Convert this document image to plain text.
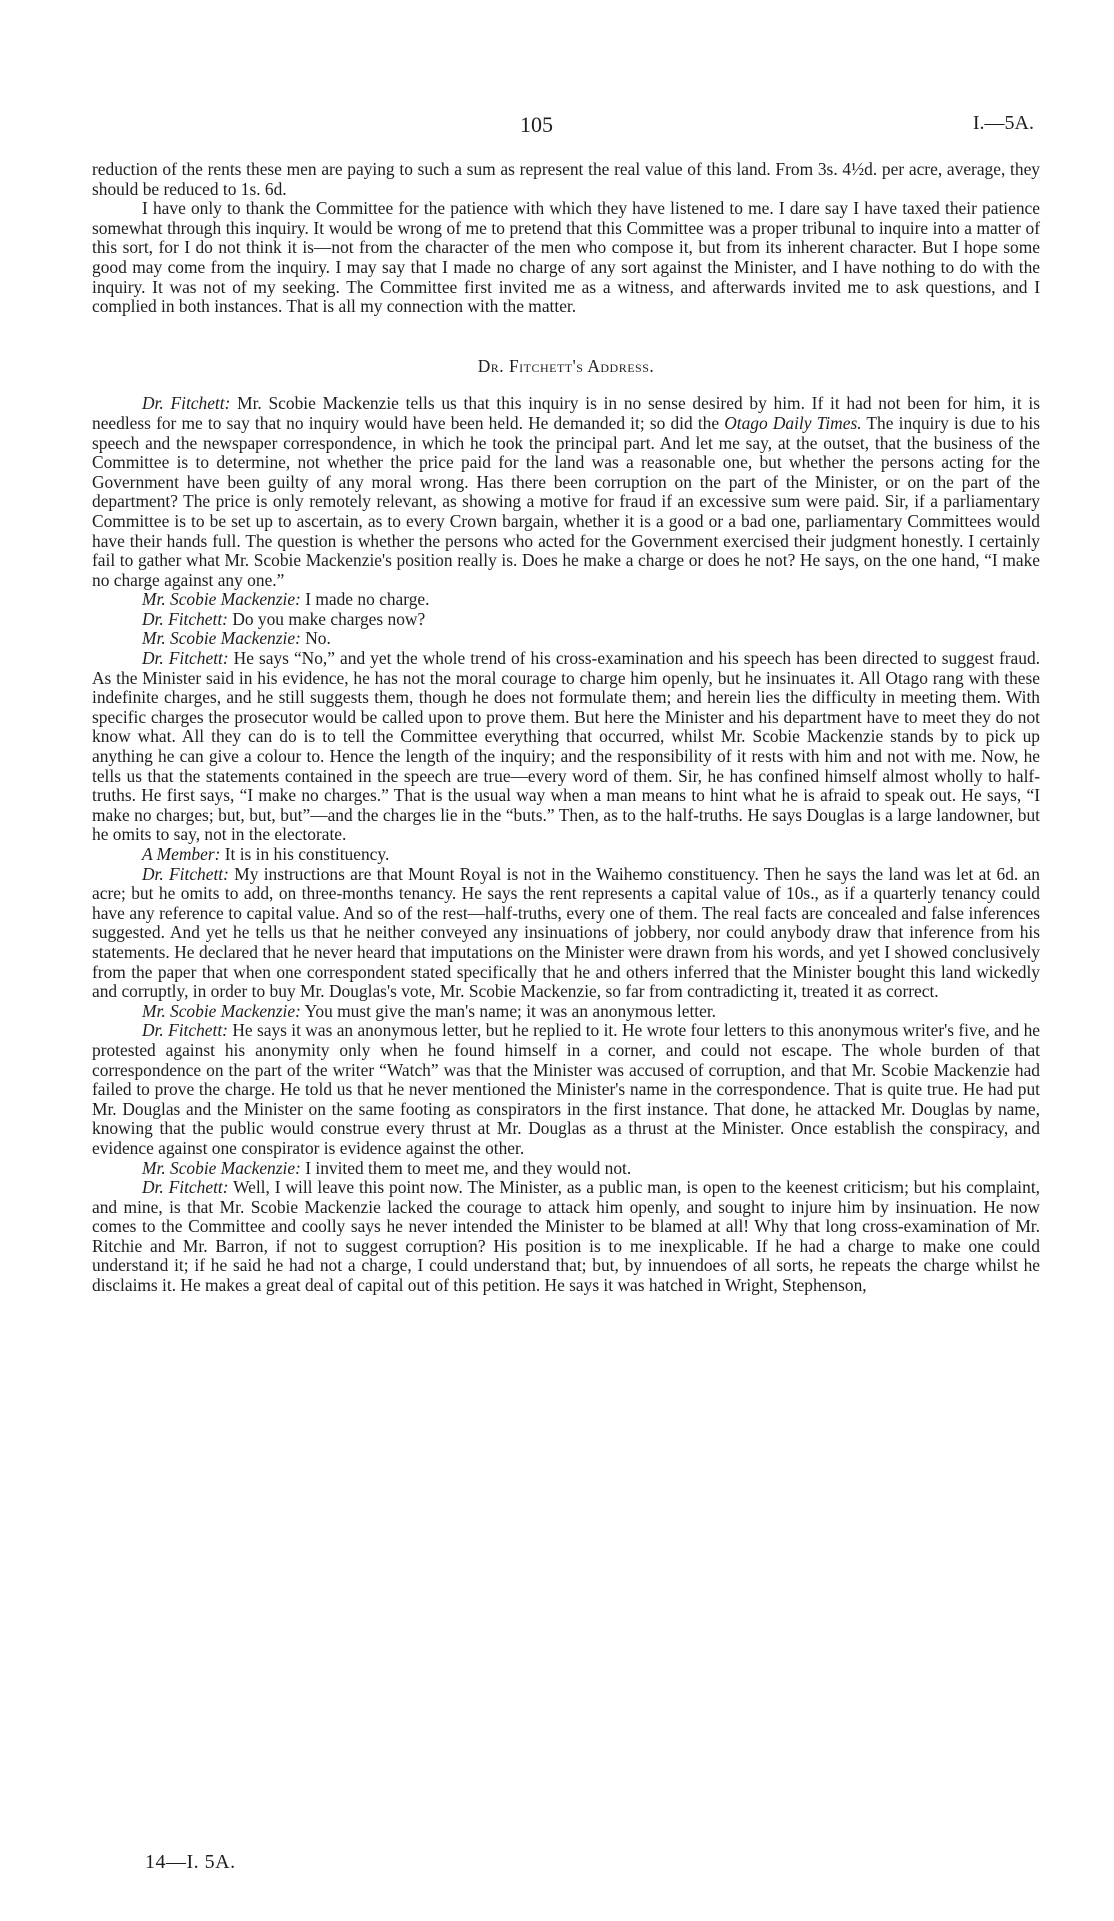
105	I.—5A.

reduction of the rents these men are paying to such a sum as represent the real value of this land. From 3s. 4½d. per acre, average, they should be reduced to 1s. 6d.

I have only to thank the Committee for the patience with which they have listened to me. I dare say I have taxed their patience somewhat through this inquiry. It would be wrong of me to pretend that this Committee was a proper tribunal to inquire into a matter of this sort, for I do not think it is—not from the character of the men who compose it, but from its inherent character. But I hope some good may come from the inquiry. I may say that I made no charge of any sort against the Minister, and I have nothing to do with the inquiry. It was not of my seeking. The Committee first invited me as a witness, and afterwards invited me to ask questions, and I complied in both instances. That is all my connection with the matter.

Dr. Fitchett's Address.

Dr. Fitchett: Mr. Scobie Mackenzie tells us that this inquiry is in no sense desired by him. If it had not been for him, it is needless for me to say that no inquiry would have been held. He demanded it; so did the Otago Daily Times. The inquiry is due to his speech and the newspaper correspondence, in which he took the principal part. And let me say, at the outset, that the business of the Committee is to determine, not whether the price paid for the land was a reasonable one, but whether the persons acting for the Government have been guilty of any moral wrong. Has there been corruption on the part of the Minister, or on the part of the department? The price is only remotely relevant, as showing a motive for fraud if an excessive sum were paid. Sir, if a parliamentary Committee is to be set up to ascertain, as to every Crown bargain, whether it is a good or a bad one, parliamentary Committees would have their hands full. The question is whether the persons who acted for the Government exercised their judgment honestly. I certainly fail to gather what Mr. Scobie Mackenzie's position really is. Does he make a charge or does he not? He says, on the one hand, “I make no charge against any one.”

Mr. Scobie Mackenzie: I made no charge.

Dr. Fitchett: Do you make charges now?

Mr. Scobie Mackenzie: No.

Dr. Fitchett: He says “No,” and yet the whole trend of his cross-examination and his speech has been directed to suggest fraud. As the Minister said in his evidence, he has not the moral courage to charge him openly, but he insinuates it. All Otago rang with these indefinite charges, and he still suggests them, though he does not formulate them; and herein lies the difficulty in meeting them. With specific charges the prosecutor would be called upon to prove them. But here the Minister and his department have to meet they do not know what. All they can do is to tell the Committee everything that occurred, whilst Mr. Scobie Mackenzie stands by to pick up anything he can give a colour to. Hence the length of the inquiry; and the responsibility of it rests with him and not with me. Now, he tells us that the statements contained in the speech are true—every word of them. Sir, he has confined himself almost wholly to half-truths. He first says, “I make no charges.” That is the usual way when a man means to hint what he is afraid to speak out. He says, “I make no charges; but, but, but”—and the charges lie in the “buts.” Then, as to the half-truths. He says Douglas is a large landowner, but he omits to say, not in the electorate.

A Member: It is in his constituency.

Dr. Fitchett: My instructions are that Mount Royal is not in the Waihemo constituency. Then he says the land was let at 6d. an acre; but he omits to add, on three-months tenancy. He says the rent represents a capital value of 10s., as if a quarterly tenancy could have any reference to capital value. And so of the rest—half-truths, every one of them. The real facts are concealed and false inferences suggested. And yet he tells us that he neither conveyed any insinuations of jobbery, nor could anybody draw that inference from his statements. He declared that he never heard that imputations on the Minister were drawn from his words, and yet I showed conclusively from the paper that when one correspondent stated specifically that he and others inferred that the Minister bought this land wickedly and corruptly, in order to buy Mr. Douglas's vote, Mr. Scobie Mackenzie, so far from contradicting it, treated it as correct.

Mr. Scobie Mackenzie: You must give the man's name; it was an anonymous letter.

Dr. Fitchett: He says it was an anonymous letter, but he replied to it. He wrote four letters to this anonymous writer's five, and he protested against his anonymity only when he found himself in a corner, and could not escape. The whole burden of that correspondence on the part of the writer “Watch” was that the Minister was accused of corruption, and that Mr. Scobie Mackenzie had failed to prove the charge. He told us that he never mentioned the Minister's name in the correspondence. That is quite true. He had put Mr. Douglas and the Minister on the same footing as conspirators in the first instance. That done, he attacked Mr. Douglas by name, knowing that the public would construe every thrust at Mr. Douglas as a thrust at the Minister. Once establish the conspiracy, and evidence against one conspirator is evidence against the other.

Mr. Scobie Mackenzie: I invited them to meet me, and they would not.

Dr. Fitchett: Well, I will leave this point now. The Minister, as a public man, is open to the keenest criticism; but his complaint, and mine, is that Mr. Scobie Mackenzie lacked the courage to attack him openly, and sought to injure him by insinuation. He now comes to the Committee and coolly says he never intended the Minister to be blamed at all! Why that long cross-examination of Mr. Ritchie and Mr. Barron, if not to suggest corruption? His position is to me inexplicable. If he had a charge to make one could understand it; if he said he had not a charge, I could understand that; but, by innuendoes of all sorts, he repeats the charge whilst he disclaims it. He makes a great deal of capital out of this petition. He says it was hatched in Wright, Stephenson,

14—I. 5A.
